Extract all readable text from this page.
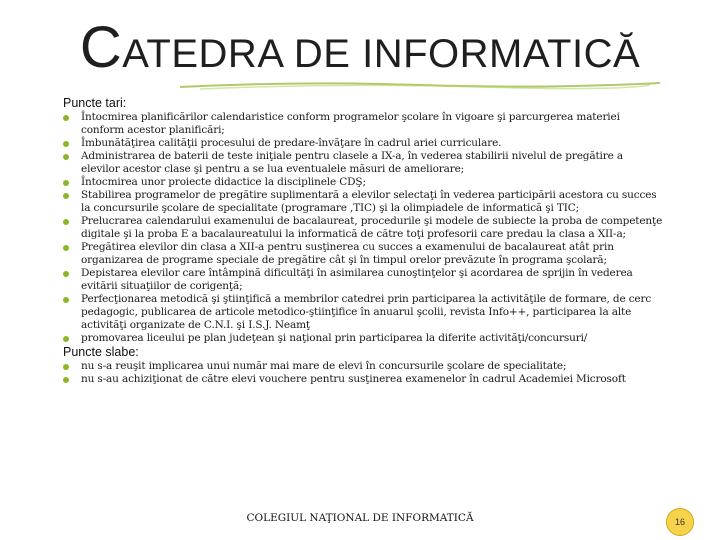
CATEDRA DE INFORMATICĂ

Puncte tari:

Întocmirea planificărilor calendaristice conform programelor şcolare în vigoare şi parcurgerea materiei conform acestor planificări;
Îmbunătăţirea calităţii procesului de predare-învăţare în cadrul ariei curriculare.
Administrarea de baterii de teste iniţiale pentru clasele a IX-a, în vederea stabilirii nivelul de pregătire a elevilor acestor clase şi pentru a se lua eventualele măsuri de ameliorare;
Întocmirea unor proiecte didactice la disciplinele CDŞ;
Stabilirea programelor de pregătire suplimentară a elevilor selectaţi în vederea participării acestora cu succes la concursurile şcolare de specialitate (programare ,TIC) şi la olimpiadele de informatică şi TIC;
Prelucrarea calendarului examenului de bacalaureat, procedurile şi modele de subiecte la proba de competenţe digitale şi la proba E a bacalaureatului la informatică de către toţi profesorii care predau la clasa a XII-a;
Pregătirea elevilor din clasa a XII-a pentru susţinerea cu succes a examenului de bacalaureat atât prin organizarea de programe speciale de pregătire cât şi în timpul orelor prevăzute în programa şcolară;
Depistarea elevilor care întâmpină dificultăţi în asimilarea cunoştinţelor şi acordarea de sprijin în vederea evitării situaţiilor de corigenţă;
Perfecţionarea metodică şi ştiinţifică a membrilor catedrei prin participarea la activităţile de formare, de cerc pedagogic, publicarea de articole metodico-ştiinţifice în anuarul şcolii, revista Info++, participarea la alte activităţi organizate de C.N.I. şi I.S.J. Neamţ
promovarea liceului pe plan judeţean şi naţional prin participarea la diferite activităţi/concursuri/

Puncte slabe:

nu s-a reuşit implicarea unui număr mai mare de elevi în concursurile şcolare de specialitate;
nu s-au achiziţionat de către elevi vouchere pentru susţinerea examenelor în cadrul Academiei Microsoft
COLEGIUL NAŢIONAL DE INFORMATICĂ	16
